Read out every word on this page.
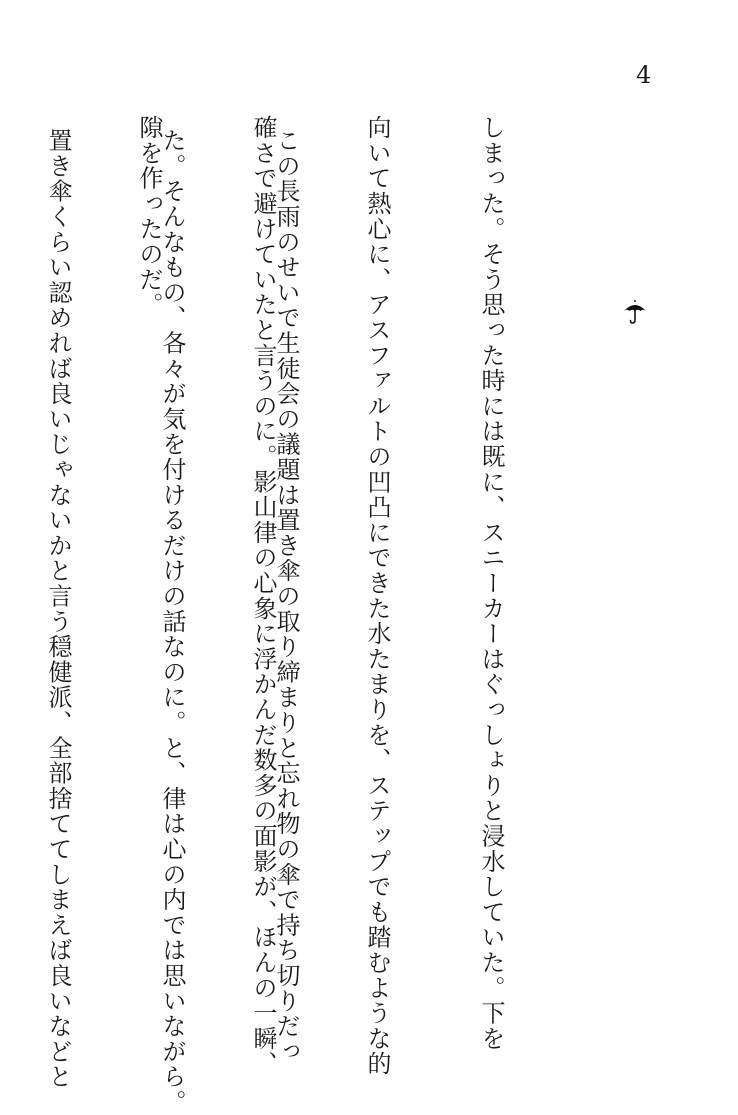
4

しまった。そう思った時には既に、スニーカーはぐっしょりと浸水していた。下を

向いて熱心に、アスファルトの凹凸にできた水たまりを、ステップでも踏むような的

確さで避けていたと言うのに。影山律の心象に浮かんだ数多の面影が、ほんの一瞬、

隙を作ったのだ。

	この長雨のせいで生徒会の議題は置き傘の取り締まりと忘れ物の傘で持ち切りだっ

た。そんなもの、各々が気を付けるだけの話なのに。と、律は心の内では思いながら。

置き傘くらい認めれば良いじゃないかと言う穏健派、全部捨ててしまえば良いなどと
